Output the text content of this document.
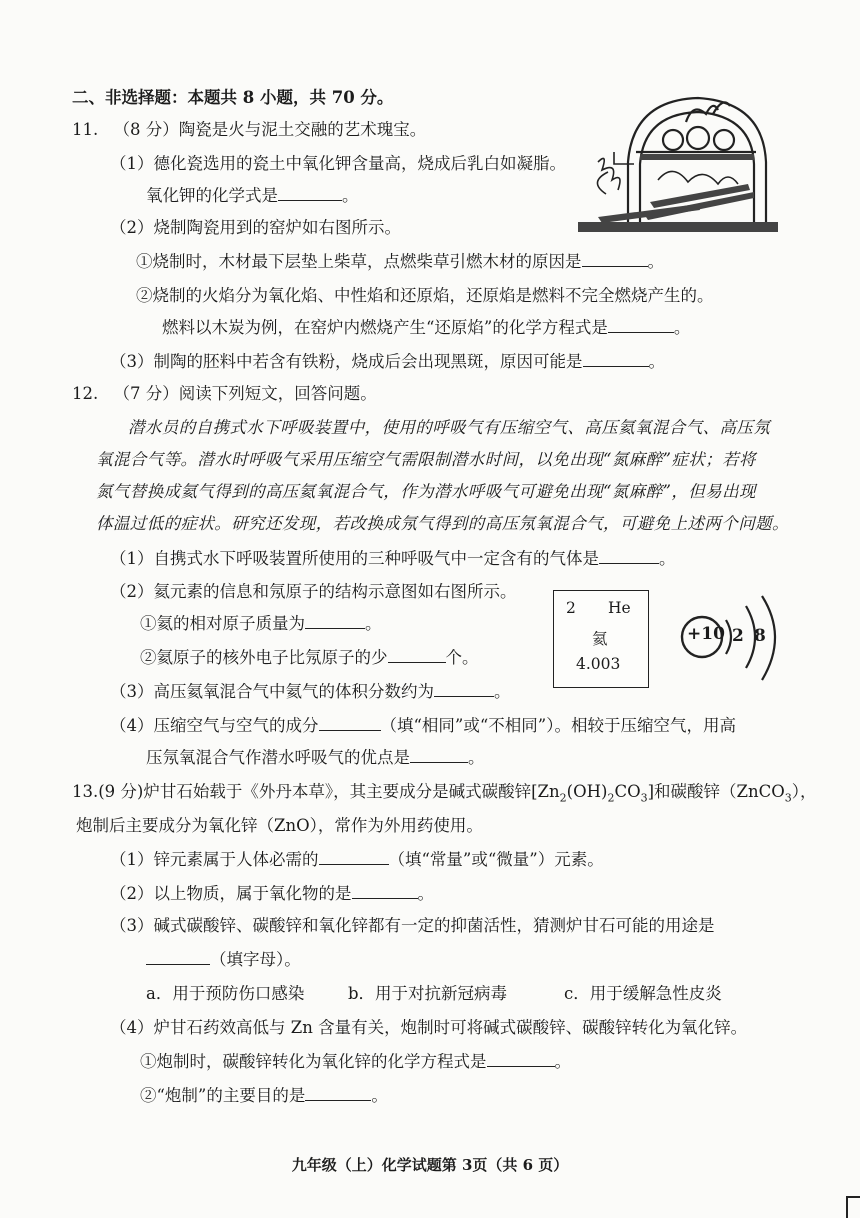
二、非选择题：本题共 8 小题，共 70 分。
11. （8 分）陶瓷是火与泥土交融的艺术瑰宝。
（1）德化瓷选用的瓷土中氧化钾含量高，烧成后乳白如凝脂。
氧化钾的化学式是	。
（2）烧制陶瓷用到的窑炉如右图所示。
①烧制时，木材最下层垫上柴草，点燃柴草引燃木材的原因是	。
②烧制的火焰分为氧化焰、中性焰和还原焰，还原焰是燃料不完全燃烧产生的。
燃料以木炭为例，在窑炉内燃烧产生“还原焰”的化学方程式是	。
（3）制陶的胚料中若含有铁粉，烧成后会出现黑斑，原因可能是	。
12. （7 分）阅读下列短文，回答问题。
潜水员的自携式水下呼吸装置中，使用的呼吸气有压缩空气、高压氦氧混合气、高压氖
氧混合气等。潜水时呼吸气采用压缩空气需限制潜水时间，以免出现“氮麻醉”症状；若将
氮气替换成氦气得到的高压氦氧混合气，作为潜水呼吸气可避免出现“氮麻醉”，但易出现
体温过低的症状。研究还发现，若改换成氖气得到的高压氖氧混合气，可避免上述两个问题。
（1）自携式水下呼吸装置所使用的三种呼吸气中一定含有的气体是	。
（2）氦元素的信息和氖原子的结构示意图如右图所示。
①氦的相对原子质量为	。
②氦原子的核外电子比氖原子的少	个。
2 He
氦
4.003
+10 2 8
（3）高压氦氧混合气中氦气的体积分数约为	。
（4）压缩空气与空气的成分	（填“相同”或“不相同”）。相较于压缩空气，用高
压氖氧混合气作潜水呼吸气的优点是	。
13.(9 分)炉甘石始载于《外丹本草》，其主要成分是碱式碳酸锌$[Zn_2(OH)_2CO_3]$和碳酸锌（ZnCO$_3$），
炮制后主要成分为氧化锌（ZnO），常作为外用药使用。
（1）锌元素属于人体必需的	（填“常量”或“微量”）元素。
（2）以上物质，属于氧化物的是	。
（3）碱式碳酸锌、碳酸锌和氧化锌都有一定的抑菌活性，猜测炉甘石可能的用途是
（填字母）。
a．用于预防伤口感染	b．用于对抗新冠病毒	c．用于缓解急性皮炎
（4）炉甘石药效高低与 Zn 含量有关，炮制时可将碱式碳酸锌、碳酸锌转化为氧化锌。
①炮制时，碳酸锌转化为氧化锌的化学方程式是	。
②“炮制”的主要目的是	。
九年级（上）化学试题第 3页（共 6 页）
